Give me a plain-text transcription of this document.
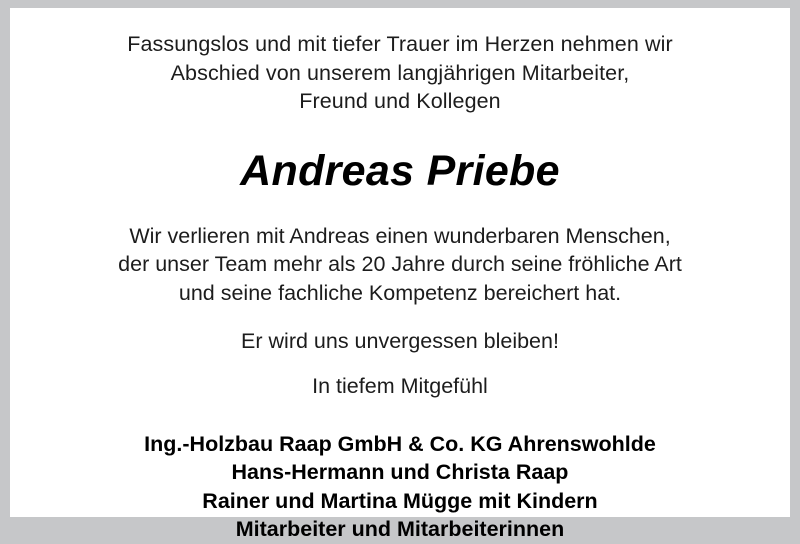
Fassungslos und mit tiefer Trauer im Herzen nehmen wir
Abschied von unserem langjährigen Mitarbeiter,
Freund und Kollegen
Andreas Priebe
Wir verlieren mit Andreas einen wunderbaren Menschen,
der unser Team mehr als 20 Jahre durch seine fröhliche Art
und seine fachliche Kompetenz bereichert hat.
Er wird uns unvergessen bleiben!
In tiefem Mitgefühl
Ing.-Holzbau Raap GmbH & Co. KG Ahrenswohlde
Hans-Hermann und Christa Raap
Rainer und Martina Mügge mit Kindern
Mitarbeiter und Mitarbeiterinnen
